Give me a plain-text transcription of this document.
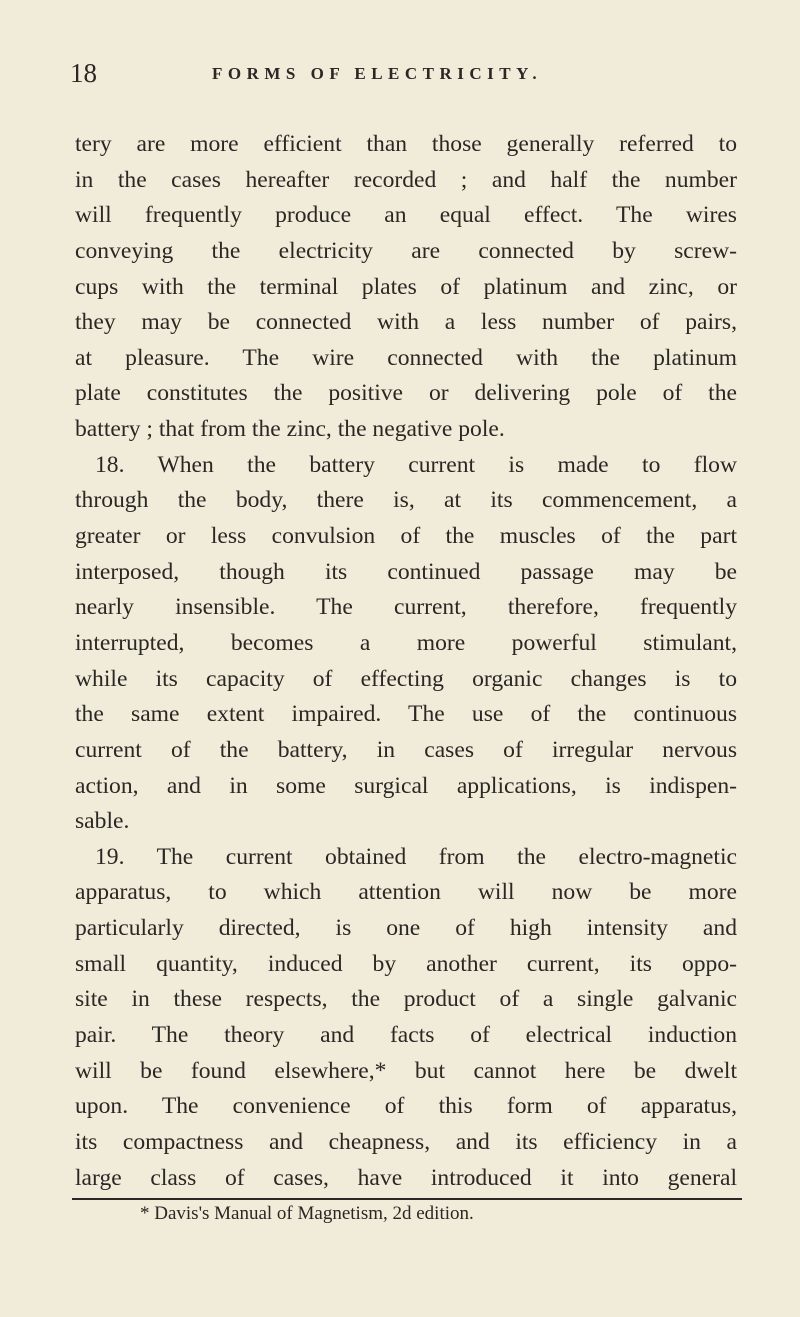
18	FORMS OF ELECTRICITY.
tery are more efficient than those generally referred to
in the cases hereafter recorded ; and half the number
will frequently produce an equal effect. The wires
conveying the electricity are connected by screw-
cups with the terminal plates of platinum and zinc, or
they may be connected with a less number of pairs,
at pleasure. The wire connected with the platinum
plate constitutes the positive or delivering pole of the
battery ; that from the zinc, the negative pole.
18. When the battery current is made to flow
through the body, there is, at its commencement, a
greater or less convulsion of the muscles of the part
interposed, though its continued passage may be
nearly insensible. The current, therefore, frequently
interrupted, becomes a more powerful stimulant,
while its capacity of effecting organic changes is to
the same extent impaired. The use of the continuous
current of the battery, in cases of irregular nervous
action, and in some surgical applications, is indispen-
sable.
19. The current obtained from the electro-magnetic
apparatus, to which attention will now be more
particularly directed, is one of high intensity and
small quantity, induced by another current, its oppo-
site in these respects, the product of a single galvanic
pair. The theory and facts of electrical induction
will be found elsewhere,* but cannot here be dwelt
upon. The convenience of this form of apparatus,
its compactness and cheapness, and its efficiency in a
large class of cases, have introduced it into general
* Davis's Manual of Magnetism, 2d edition.
